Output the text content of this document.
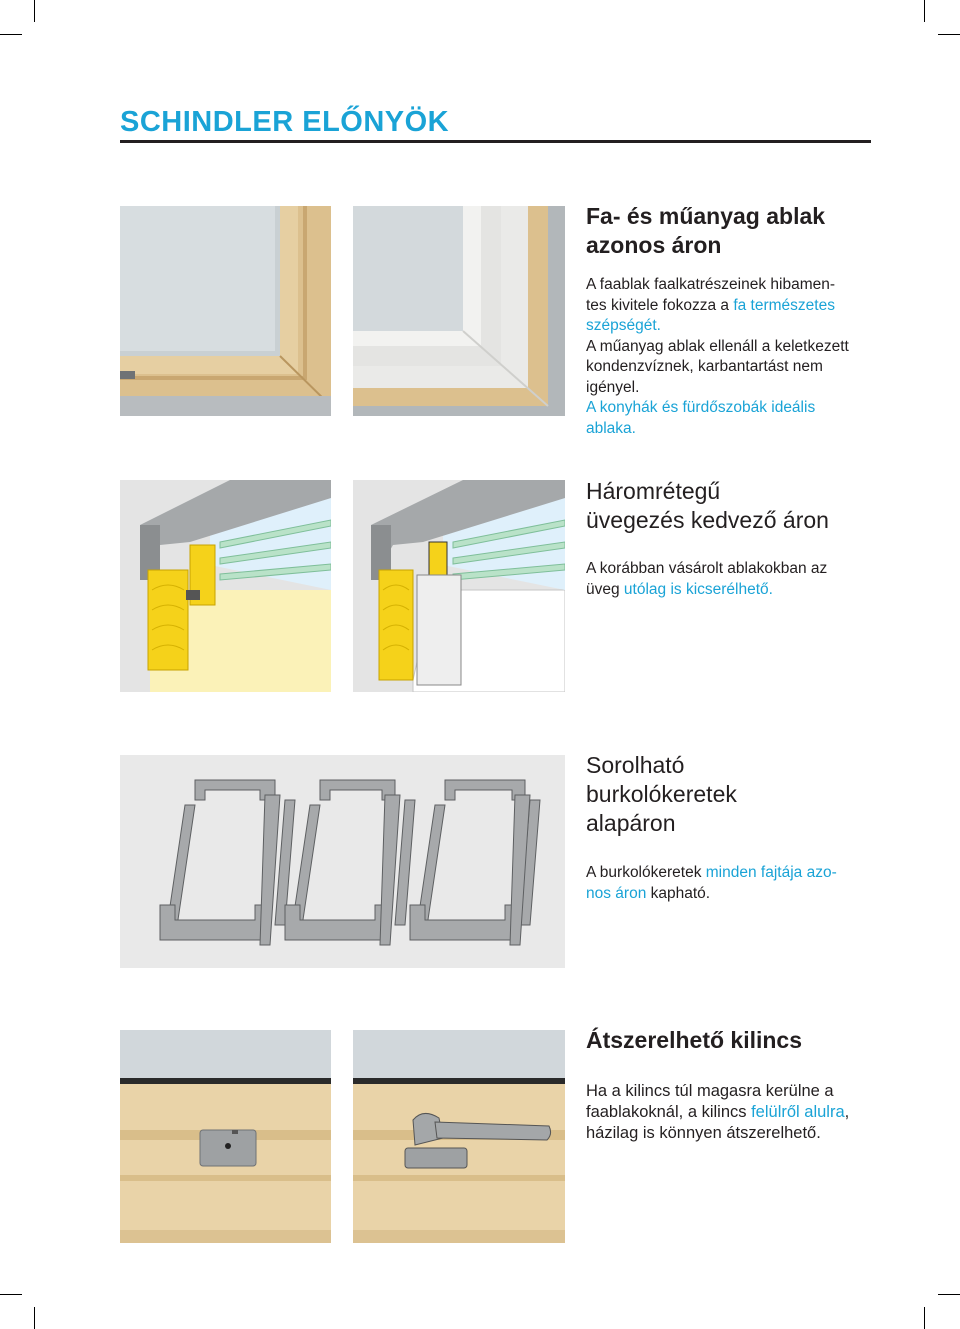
SCHINDLER ELŐNYÖK
Fa- és műanyag ablak
azonos áron
A faablak faalkatrészeinek hibamen-
tes kivitele fokozza a fa természetes
szépségét.
A műanyag ablak ellenáll a keletkezett
kondenzvíznek, karbantartást nem
igényel.
A konyhák és fürdőszobák ideális
ablaka.
Háromrétegű
üvegezés kedvező áron
A korábban vásárolt ablakokban az
üveg utólag is kicserélhető.
Sorolható
burkolókeretek
alapáron
A burkolókeretek minden fajtája azo-
nos áron kapható.
Átszerelhető kilincs
Ha a kilincs túl magasra kerülne a
faablakoknál, a kilincs felülről alulra,
házilag is könnyen átszerelhető.
